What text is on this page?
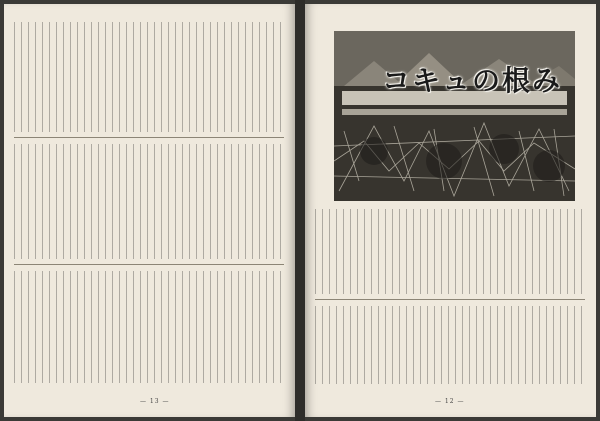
— 13 —
コキュの根み
— 12 —
